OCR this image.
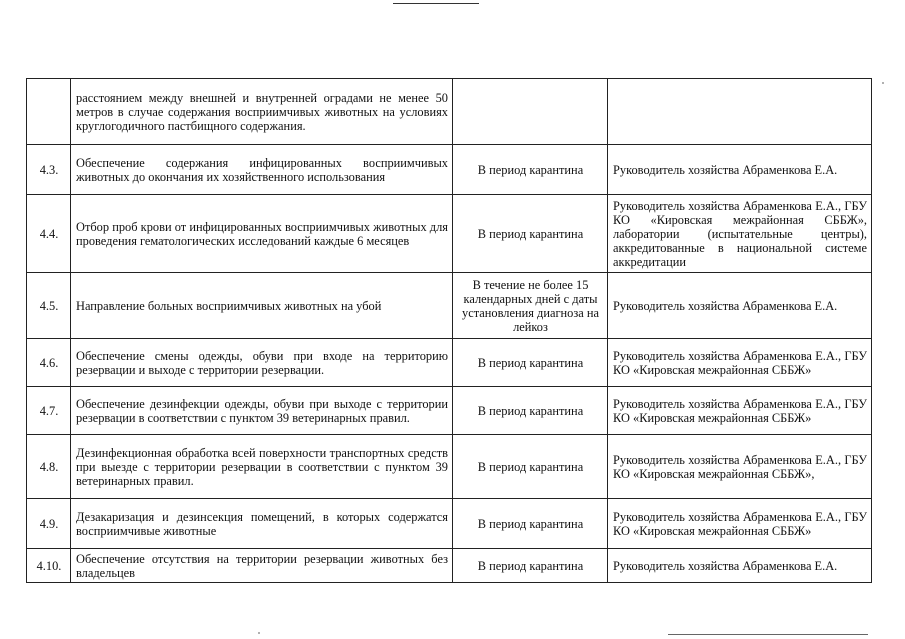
	расстоянием между внешней и внутренней оградами не менее 50 метров в случае содержания восприимчивых животных на условиях круглогодичного пастбищного содержания.		
4.3.	Обеспечение содержания инфицированных восприимчивых животных до окончания их хозяйственного использования	В период карантина	Руководитель хозяйства Абраменкова Е.А.
4.4.	Отбор проб крови от инфицированных восприимчивых животных для проведения гематологических исследований каждые 6 месяцев	В период карантина	Руководитель хозяйства Абраменкова Е.А., ГБУ КО «Кировская межрайонная СББЖ», лаборатории (испытательные центры), аккредитованные в национальной системе аккредитации
4.5.	Направление больных восприимчивых животных на убой	В течение не более 15 календарных дней с даты установления диагноза на лейкоз	Руководитель хозяйства Абраменкова Е.А.
4.6.	Обеспечение смены одежды, обуви при входе на территорию резервации и выходе с территории резервации.	В период карантина	Руководитель хозяйства Абраменкова Е.А., ГБУ КО «Кировская межрайонная СББЖ»
4.7.	Обеспечение дезинфекции одежды, обуви при выходе с территории резервации в соответствии с пунктом 39 ветеринарных правил.	В период карантина	Руководитель хозяйства Абраменкова Е.А., ГБУ КО «Кировская межрайонная СББЖ»
4.8.	Дезинфекционная обработка всей поверхности транспортных средств при выезде с территории резервации в соответствии с пунктом 39 ветеринарных правил.	В период карантина	Руководитель хозяйства Абраменкова Е.А., ГБУ КО «Кировская межрайонная СББЖ»,
4.9.	Дезакаризация и дезинсекция помещений, в которых содержатся восприимчивые животные	В период карантина	Руководитель хозяйства Абраменкова Е.А., ГБУ КО «Кировская межрайонная СББЖ»
4.10.	Обеспечение отсутствия на территории резервации животных без владельцев	В период карантина	Руководитель хозяйства Абраменкова Е.А.
